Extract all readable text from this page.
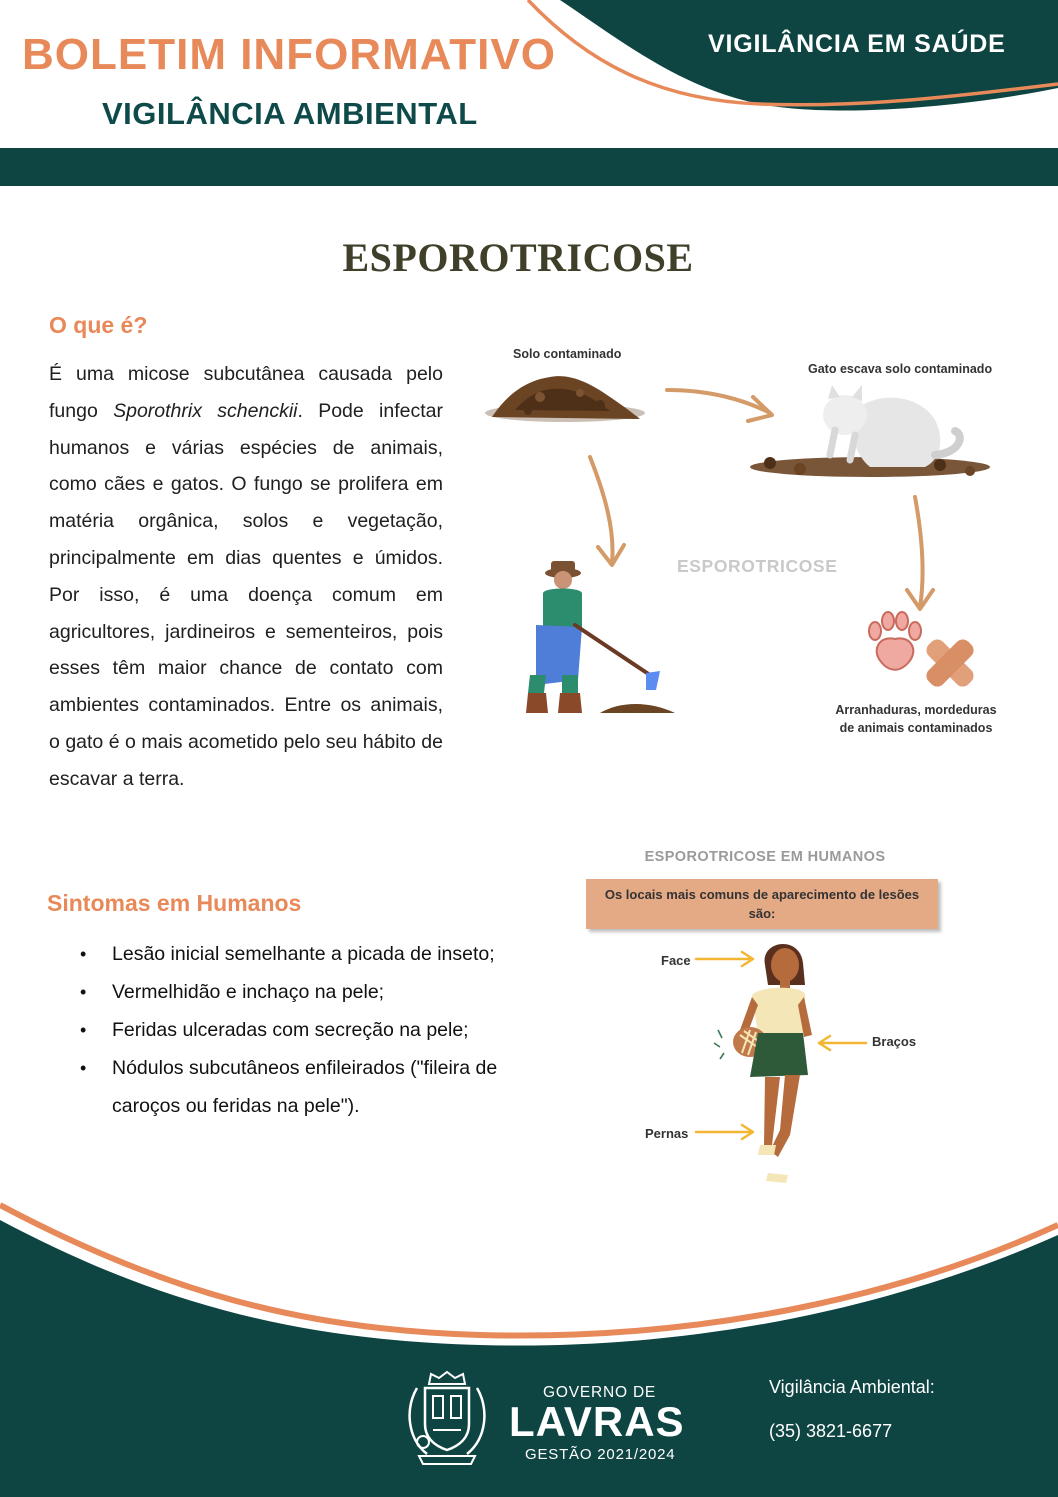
BOLETIM INFORMATIVO
VIGILÂNCIA AMBIENTAL
VIGILÂNCIA EM SAÚDE
ESPOROTRICOSE
O que é?
É uma micose subcutânea causada pelo fungo Sporothrix schenckii. Pode infectar humanos e várias espécies de animais, como cães e gatos. O fungo se prolifera em matéria orgânica, solos e vegetação, principalmente em dias quentes e úmidos. Por isso, é uma doença comum em agricultores, jardineiros e sementeiros, pois esses têm maior chance de contato com ambientes contaminados. Entre os animais, o gato é o mais acometido pelo seu hábito de escavar a terra.
Solo contaminado
Gato escava solo contaminado
ESPOROTRICOSE
Arranhaduras, mordeduras de animais contaminados
Sintomas em Humanos
• Lesão inicial semelhante a picada de inseto;
• Vermelhidão e inchaço na pele;
• Feridas ulceradas com secreção na pele;
• Nódulos subcutâneos enfileirados ("fileira de caroços ou feridas na pele").
ESPOROTRICOSE EM HUMANOS
Os locais mais comuns de aparecimento de lesões são:
Face
Braços
Pernas
GOVERNO DE
LAVRAS
GESTÃO 2021/2024
Vigilância Ambiental:
(35) 3821-6677
